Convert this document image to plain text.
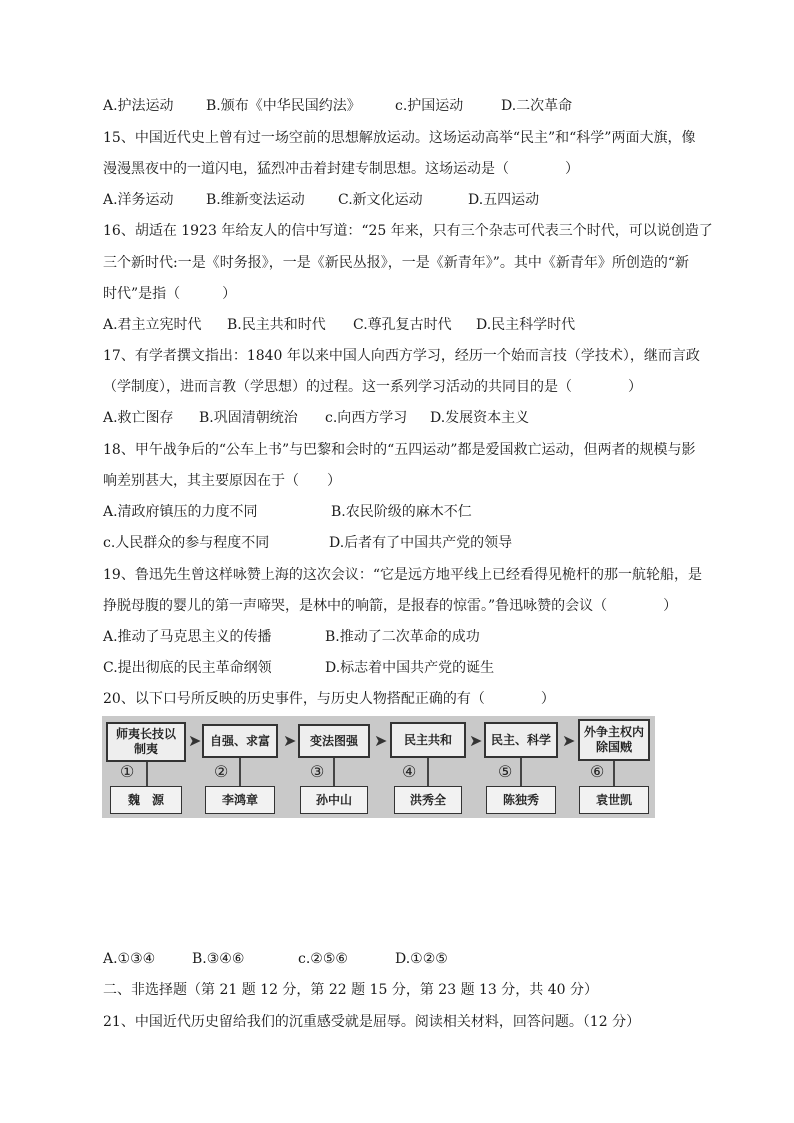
A.护法运动 B.颁布《中华民国约法》 c.护国运动	D.二次革命
15、中国近代史上曾有过一场空前的思想解放运动。这场运动高举“民主”和“科学”两面大旗，像
漫漫黑夜中的一道闪电，猛烈冲击着封建专制思想。这场运动是（　　　　）
A.洋务运动 B.维新变法运动 C.新文化运动	D.五四运动
16、胡适在 1923 年给友人的信中写道：“25 年来，只有三个杂志可代表三个时代，可以说创造了
三个新时代:一是《时务报》，一是《新民丛报》，一是《新青年》”。其中《新青年》所创造的“新
时代”是指（　　　）
A.君主立宪时代 B.民主共和时代 C.尊孔复古时代 D.民主科学时代
17、有学者撰文指出：1840 年以来中国人向西方学习，经历一个始而言技（学技术），继而言政
（学制度），进而言教（学思想）的过程。这一系列学习活动的共同目的是（　　　　）
A.救亡图存 B.巩固清朝统治 c.向西方学习 D.发展资本主义
18、甲午战争后的“公车上书”与巴黎和会时的“五四运动”都是爱国救亡运动，但两者的规模与影
响差别甚大，其主要原因在于（　　）
A.清政府镇压的力度不同	B.农民阶级的麻木不仁
c.人民群众的参与程度不同	D.后者有了中国共产党的领导
19、鲁迅先生曾这样咏赞上海的这次会议：“它是远方地平线上已经看得见桅杆的那一航轮船，是
挣脱母腹的婴儿的第一声啼哭，是林中的响箭，是报春的惊雷。”鲁迅咏赞的会议（　　　　）
A.推动了马克思主义的传播	B.推动了二次革命的成功
C.提出彻底的民主革命纲领	D.标志着中国共产党的诞生
20、以下口号所反映的历史事件，与历史人物搭配正确的有（　　　　）
师夷长技以制夷
自强、求富	变法图强	民主共和	民主、科学
外争主权内除国贼
➤	➤	➤	➤	➤
①	②	③	④	⑤	⑥
魏　源	李鸿章	孙中山	洪秀全	陈独秀	袁世凯
A.①③④	B.③④⑥	c.②⑤⑥	D.①②⑤
二、非选择题（第 21 题 12 分，第 22 题 15 分，第 23 题 13 分，共 40 分）
21、中国近代历史留给我们的沉重感受就是屈辱。阅读相关材料，回答问题。（12 分）
